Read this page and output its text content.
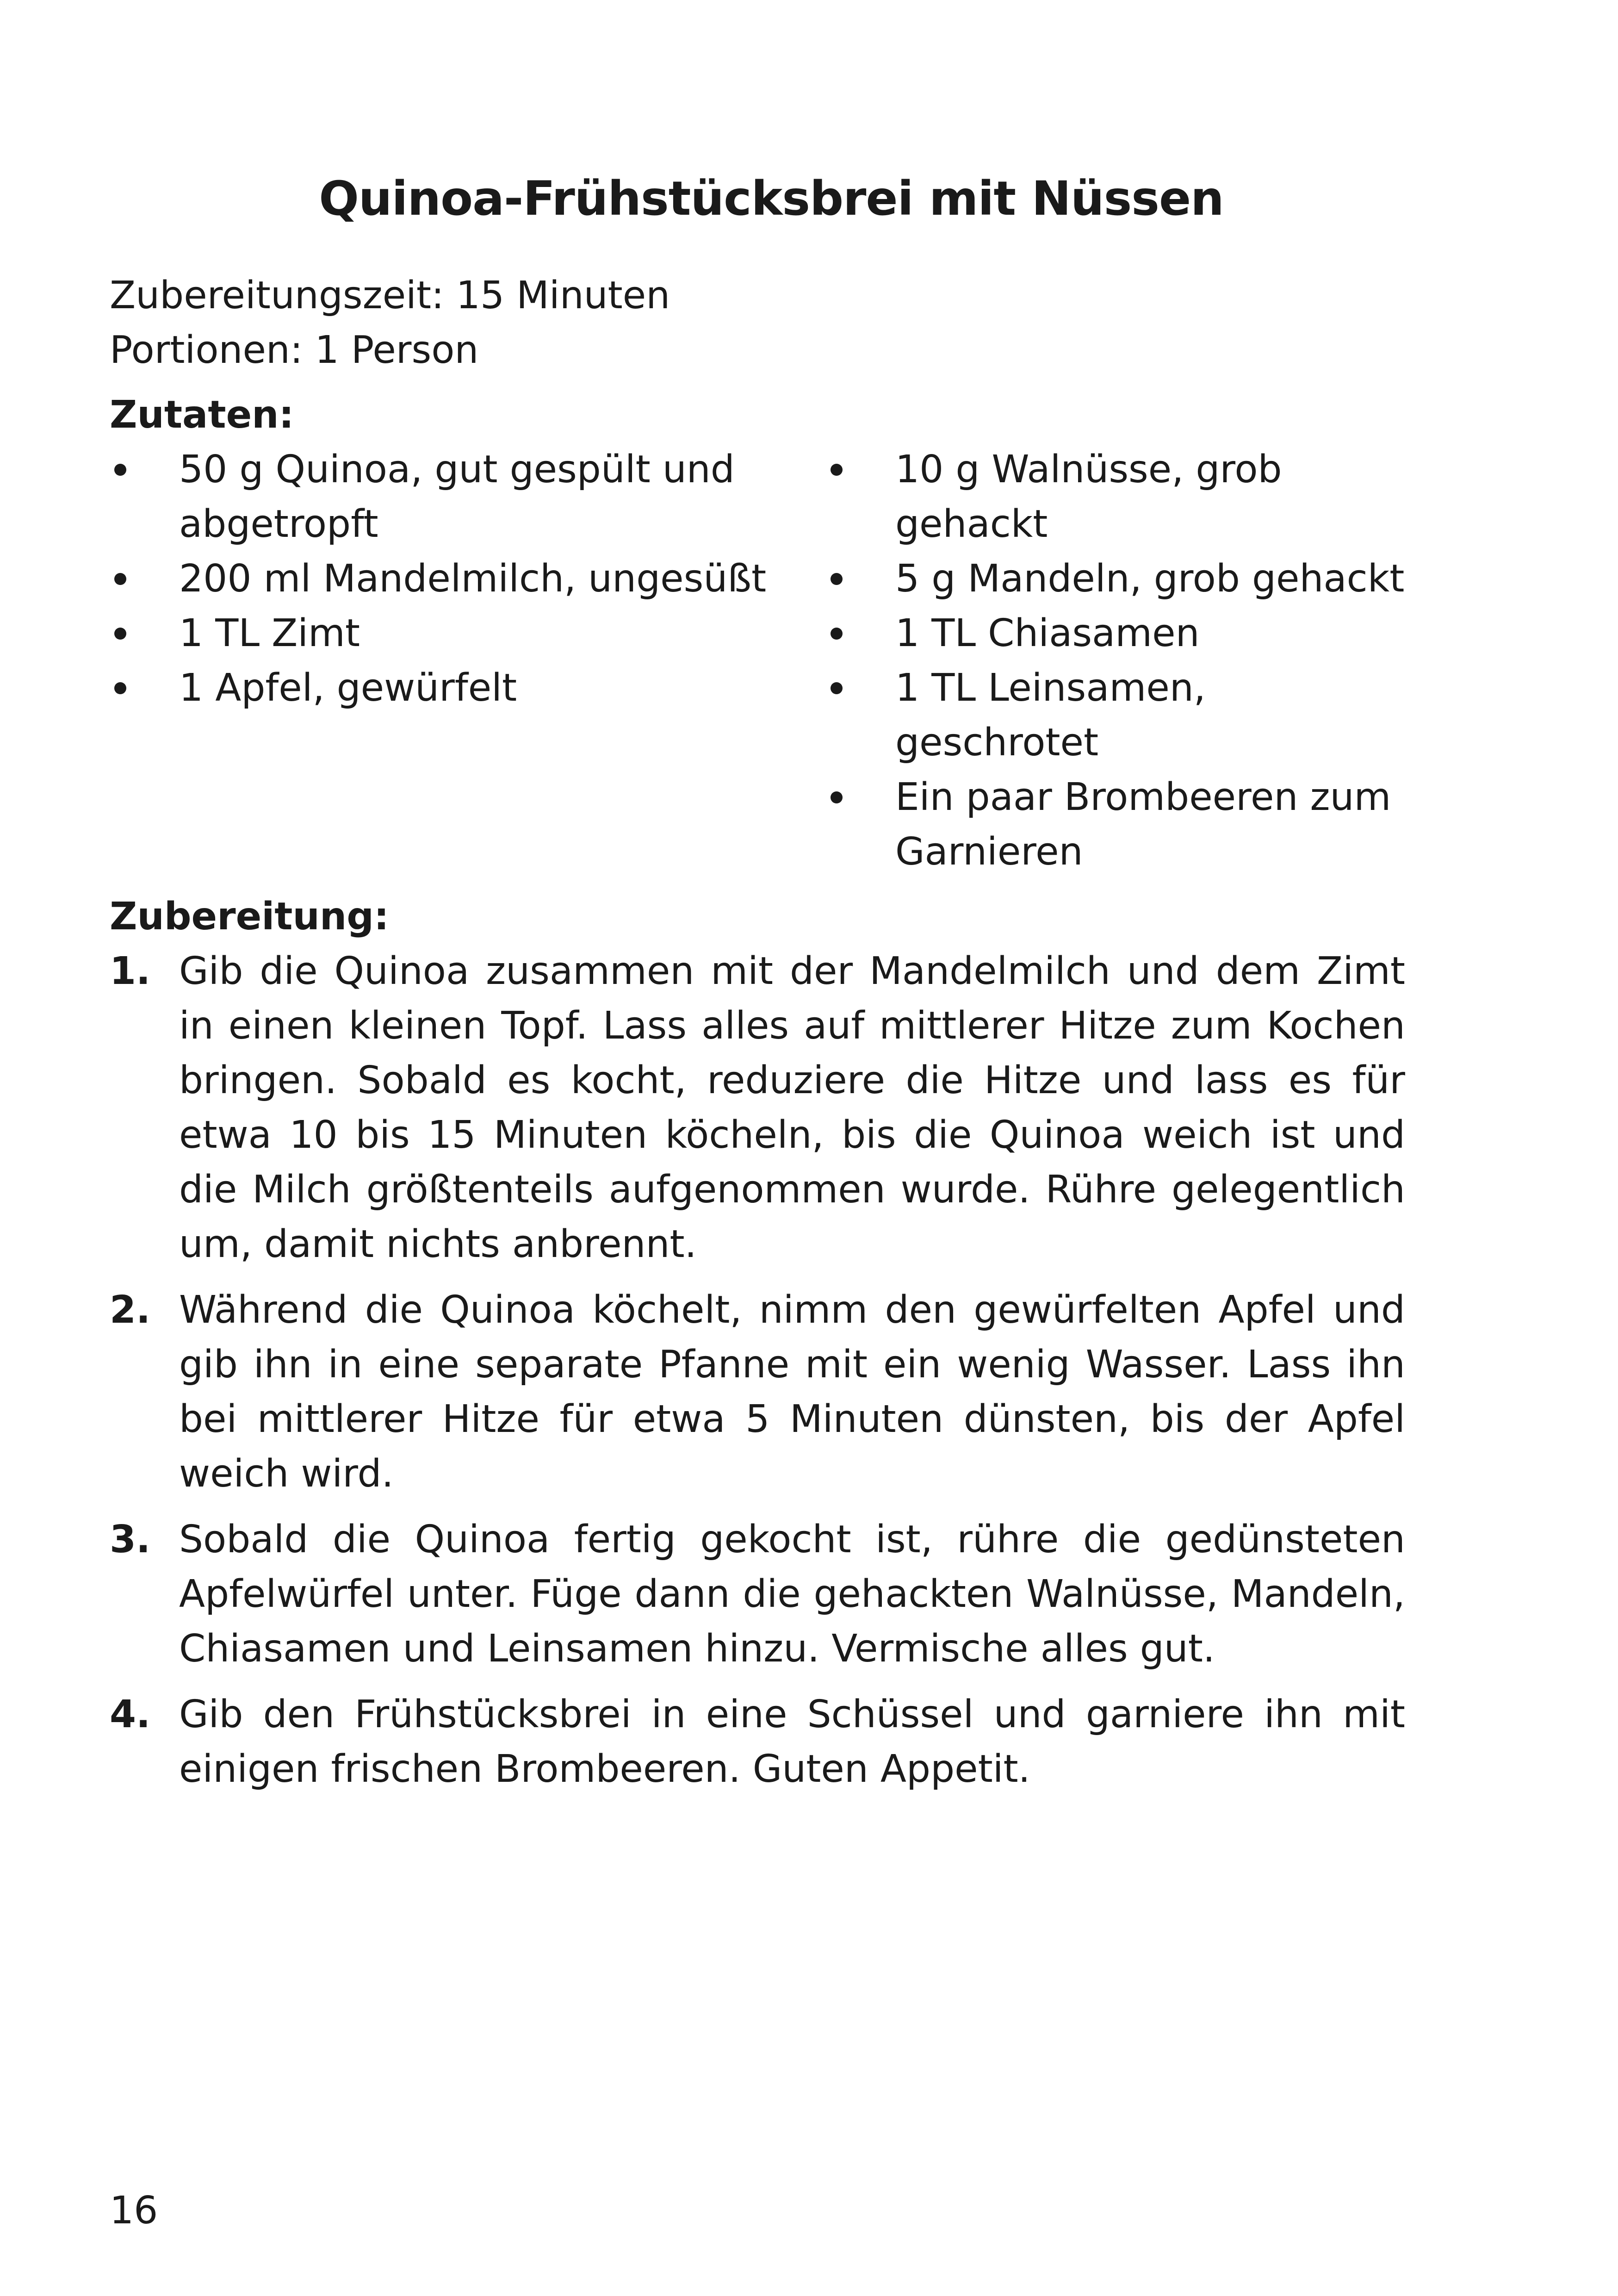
Quinoa-Frühstücksbrei mit Nüssen
Zubereitungszeit: 15 Minuten
Portionen: 1 Person
Zutaten:
50 g Quinoa, gut gespült und abgetropft
200 ml Mandelmilch, ungesüßt
1 TL Zimt
1 Apfel, gewürfelt
10 g Walnüsse, grob gehackt
5 g Mandeln, grob gehackt
1 TL Chiasamen
1 TL Leinsamen, geschrotet
Ein paar Brombeeren zum Garnieren
Zubereitung:
1. Gib die Quinoa zusammen mit der Mandelmilch und dem Zimt in einen kleinen Topf. Lass alles auf mittlerer Hitze zum Kochen bringen. Sobald es kocht, reduziere die Hitze und lass es für etwa 10 bis 15 Minuten köcheln, bis die Quinoa weich ist und die Milch größtenteils aufgenommen wurde. Rühre gelegentlich um, damit nichts anbrennt.
2. Während die Quinoa köchelt, nimm den gewürfelten Apfel und gib ihn in eine separate Pfanne mit ein wenig Wasser. Lass ihn bei mittlerer Hitze für etwa 5 Minuten dünsten, bis der Apfel weich wird.
3. Sobald die Quinoa fertig gekocht ist, rühre die gedünsteten Apfelwürfel unter. Füge dann die gehackten Walnüsse, Mandeln, Chiasamen und Leinsamen hinzu. Vermische alles gut.
4. Gib den Frühstücksbrei in eine Schüssel und garniere ihn mit einigen frischen Brombeeren. Guten Appetit.
16
